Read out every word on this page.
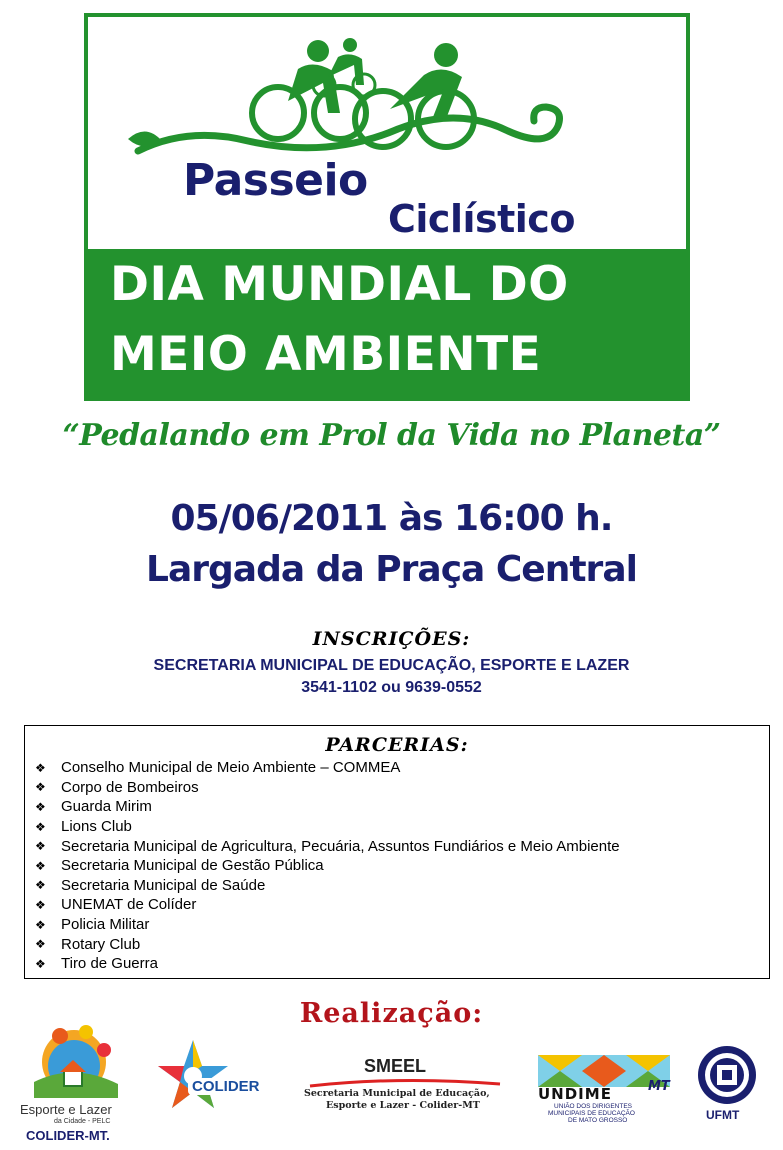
Passeio
Ciclístico
DIA MUNDIAL DO
MEIO AMBIENTE
“Pedalando em Prol da Vida no Planeta”
05/06/2011 às 16:00 h.
Largada da Praça Central
INSCRIÇÕES:
SECRETARIA MUNICIPAL DE EDUCAÇÃO, ESPORTE E LAZER
3541-1102 ou 9639-0552
PARCERIAS:
❖	Conselho Municipal de Meio Ambiente – COMMEA
❖	Corpo de Bombeiros
❖	Guarda Mirim
❖	Lions Club
❖	Secretaria Municipal de Agricultura, Pecuária, Assuntos Fundiários e Meio Ambiente
❖	Secretaria Municipal de Gestão Pública
❖	Secretaria Municipal de Saúde
❖	UNEMAT de Colíder
❖	Policia Militar
❖	Rotary Club
❖	Tiro de Guerra
Realização:
Esporte e Lazer
da Cidade - PELC
COLIDER-MT.
COLIDER
SMEEL
Secretaria Municipal de Educação,
Esporte e Lazer - Colider-MT
UNDIME	MT
UNIÃO DOS DIRIGENTES
MUNICIPAIS DE EDUCAÇÃO
DE MATO GROSSO	UFMT
